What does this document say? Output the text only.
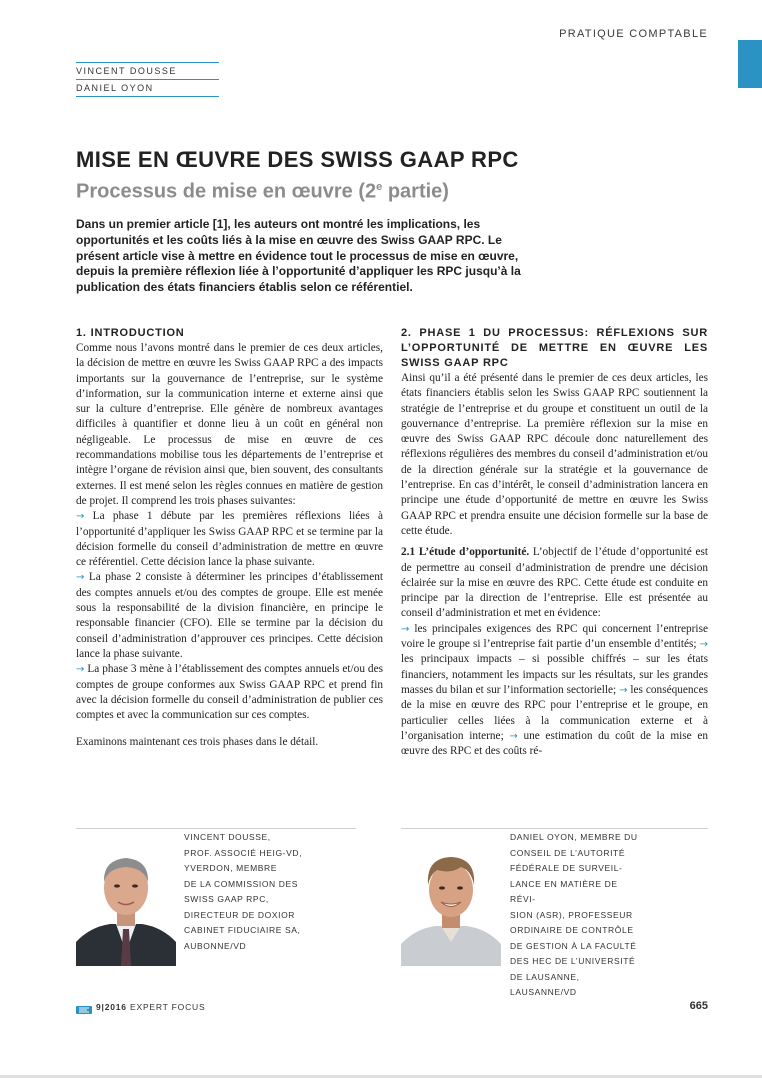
PRATIQUE COMPTABLE
VINCENT DOUSSE
DANIEL OYON
MISE EN ŒUVRE DES SWISS GAAP RPC
Processus de mise en œuvre (2e partie)
Dans un premier article [1], les auteurs ont montré les implications, les opportunités et les coûts liés à la mise en œuvre des Swiss GAAP RPC. Le présent article vise à mettre en évidence tout le processus de mise en œuvre, depuis la première réflexion liée à l’opportunité d’appliquer les RPC jusqu’à la publication des états financiers établis selon ce référentiel.
1. INTRODUCTION

Comme nous l’avons montré dans le premier de ces deux articles, la décision de mettre en œuvre les Swiss GAAP RPC a des impacts importants sur la gouvernance de l’entreprise, sur le système d’information, sur la communication interne et externe ainsi que sur la culture d’entreprise. Elle génère de nombreux avantages difficiles à quantifier et donne lieu à un coût en général non négligeable. Le processus de mise en œuvre de ces recommandations mobilise tous les départements de l’entreprise et intègre l’organe de révision ainsi que, bien souvent, des consultants externes. Il est mené selon les règles connues en matière de gestion de projet. Il comprend les trois phases suivantes:

→ La phase 1 débute par les premières réflexions liées à l’opportunité d’appliquer les Swiss GAAP RPC et se termine par la décision formelle du conseil d’administration de mettre en œuvre ce référentiel. Cette décision lance la phase suivante.

→ La phase 2 consiste à déterminer les principes d’établissement des comptes annuels et/ou des comptes de groupe. Elle est menée sous la responsabilité de la division financière, en principe le responsable financier (CFO). Elle se termine par la décision du conseil d’administration d’approuver ces principes. Cette décision lance la phase suivante.

→ La phase 3 mène à l’établissement des comptes annuels et/ou des comptes de groupe conformes aux Swiss GAAP RPC et prend fin avec la décision formelle du conseil d’administration de publier ces comptes et avec la communication sur ces comptes.

Examinons maintenant ces trois phases dans le détail.

2. PHASE 1 DU PROCESSUS: RÉFLEXIONS SUR L’OPPORTUNITÉ DE METTRE EN ŒUVRE LES SWISS GAAP RPC

Ainsi qu’il a été présenté dans le premier de ces deux articles, les états financiers établis selon les Swiss GAAP RPC soutiennent la stratégie de l’entreprise et du groupe et constituent un outil de la gouvernance d’entreprise. La première réflexion sur la mise en œuvre des Swiss GAAP RPC découle donc naturellement des réflexions régulières des membres du conseil d’administration et/ou de la direction générale sur la stratégie et la gouvernance de l’entreprise. En cas d’intérêt, le conseil d’administration lancera en principe une étude d’opportunité de mettre en œuvre les Swiss GAAP RPC et prendra ensuite une décision formelle sur la base de cette étude.

2.1 L’étude d’opportunité. L’objectif de l’étude d’opportunité est de permettre au conseil d’administration de prendre une décision éclairée sur la mise en œuvre des RPC. Cette étude est conduite en principe par la direction de l’entreprise. Elle est présentée au conseil d’administration et met en évidence:

→ les principales exigences des RPC qui concernent l’entreprise voire le groupe si l’entreprise fait partie d’un ensemble d’entités; → les principaux impacts – si possible chiffrés – sur les états financiers, notamment les impacts sur les résultats, sur les grandes masses du bilan et sur l’information sectorielle; → les conséquences de la mise en œuvre des RPC pour l’entreprise et le groupe, en particulier celles liées à la communication externe et à l’organisation interne; → une estimation du coût de la mise en œuvre des RPC et des coûts ré-

VINCENT DOUSSE,
PROF. ASSOCIÉ HEIG-VD,
YVERDON, MEMBRE
DE LA COMMISSION DES
SWISS GAAP RPC,
DIRECTEUR DE DOXIOR
CABINET FIDUCIAIRE SA,
AUBONNE/VD
DANIEL OYON, MEMBRE DU
CONSEIL DE L’AUTORITÉ
FÉDÉRALE DE SURVEIL-
LANCE EN MATIÈRE DE RÉVI-
SION (ASR), PROFESSEUR
ORDINAIRE DE CONTRÔLE
DE GESTION À LA FACULTÉ
DES HEC DE L’UNIVERSITÉ
DE LAUSANNE, LAUSANNE/VD
9|2016 EXPERT FOCUS	665
